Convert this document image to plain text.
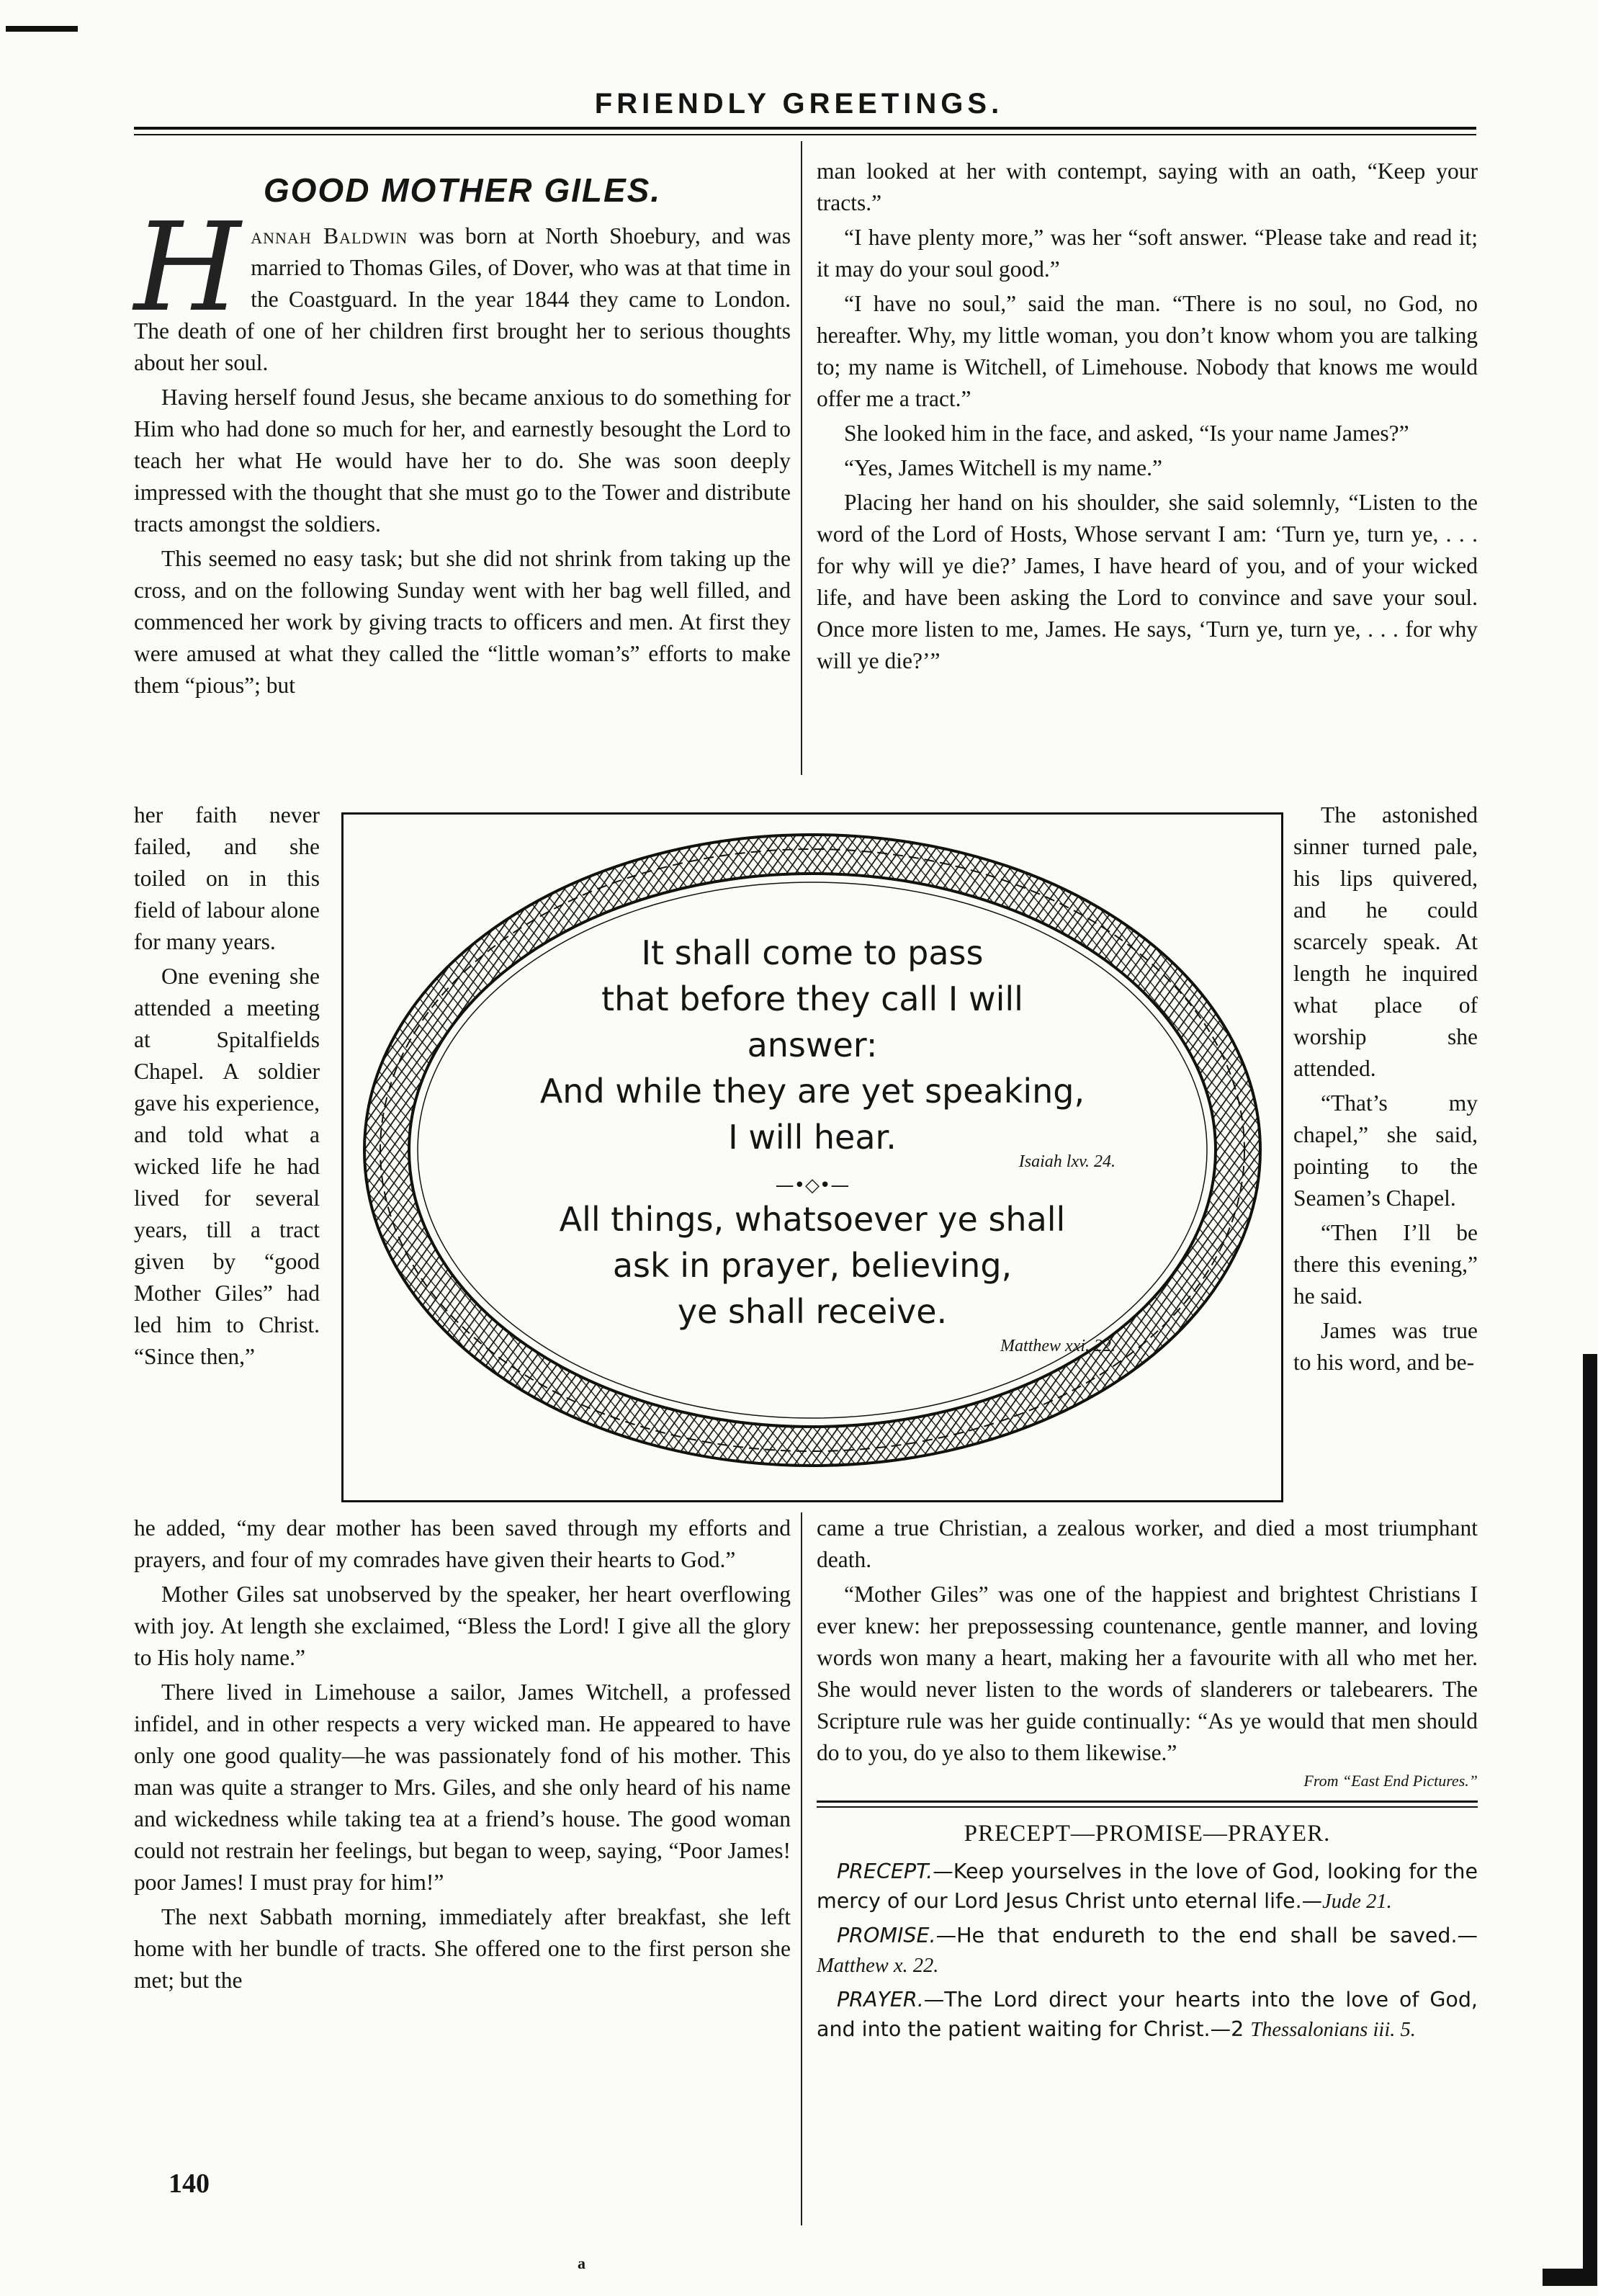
FRIENDLY GREETINGS.
GOOD MOTHER GILES.

Hannah Baldwin was born at North Shoebury, and was married to Thomas Giles, of Dover, who was at that time in the Coastguard. In the year 1844 they came to London. The death of one of her children first brought her to serious thoughts about her soul.

Having herself found Jesus, she became anxious to do something for Him who had done so much for her, and earnestly besought the Lord to teach her what He would have her to do. She was soon deeply impressed with the thought that she must go to the Tower and distribute tracts amongst the soldiers.

This seemed no easy task; but she did not shrink from taking up the cross, and on the following Sunday went with her bag well filled, and commenced her work by giving tracts to officers and men. At first they were amused at what they called the “little woman’s” efforts to make them “pious”; but

her faith never failed, and she toiled on in this field of labour alone for many years.

One evening she attended a meeting at Spitalfields Chapel. A soldier gave his experience, and told what a wicked life he had lived for several years, till a tract given by “good Mother Giles” had led him to Christ. “Since then,”

he added, “my dear mother has been saved through my efforts and prayers, and four of my comrades have given their hearts to God.”

Mother Giles sat unobserved by the speaker, her heart overflowing with joy. At length she exclaimed, “Bless the Lord! I give all the glory to His holy name.”

There lived in Limehouse a sailor, James Witchell, a professed infidel, and in other respects a very wicked man. He appeared to have only one good quality—he was passionately fond of his mother. This man was quite a stranger to Mrs. Giles, and she only heard of his name and wickedness while taking tea at a friend’s house. The good woman could not restrain her feelings, but began to weep, saying, “Poor James! poor James! I must pray for him!”

The next Sabbath morning, immediately after breakfast, she left home with her bundle of tracts. She offered one to the first person she met; but the

man looked at her with contempt, saying with an oath, “Keep your tracts.”

“I have plenty more,” was her “soft answer. “Please take and read it; it may do your soul good.”

“I have no soul,” said the man. “There is no soul, no God, no hereafter. Why, my little woman, you don’t know whom you are talking to; my name is Witchell, of Limehouse. Nobody that knows me would offer me a tract.”

She looked him in the face, and asked, “Is your name James?”

“Yes, James Witchell is my name.”

Placing her hand on his shoulder, she said solemnly, “Listen to the word of the Lord of Hosts, Whose servant I am: ‘Turn ye, turn ye, . . . for why will ye die?’ James, I have heard of you, and of your wicked life, and have been asking the Lord to convince and save your soul. Once more listen to me, James. He says, ‘Turn ye, turn ye, . . . for why will ye die?’”

The astonished sinner turned pale, his lips quivered, and he could scarcely speak. At length he inquired what place of worship she attended.

“That’s my chapel,” she said, pointing to the Seamen’s Chapel.

“Then I’ll be there this evening,” he said.

James was true to his word, and be-

came a true Christian, a zealous worker, and died a most triumphant death.

“Mother Giles” was one of the happiest and brightest Christians I ever knew: her prepossessing countenance, gentle manner, and loving words won many a heart, making her a favourite with all who met her. She would never listen to the words of slanderers or talebearers. The Scripture rule was her guide continually: “As ye would that men should do to you, do ye also to them likewise.”

From “East End Pictures.”
PRECEPT—PROMISE—PRAYER.

PRECEPT.—Keep yourselves in the love of God, looking for the mercy of our Lord Jesus Christ unto eternal life.—Jude 21.

PROMISE.—He that endureth to the end shall be saved.—Matthew x. 22.

PRAYER.—The Lord direct your hearts into the love of God, and into the patient waiting for Christ.—2 Thessalonians iii. 5.

It shall come to pass
that before they call I will
answer:
And while they are yet speaking,
I will hear.
Isaiah lxv. 24.
—•◇•—
All things, whatsoever ye shall
ask in prayer, believing,
ye shall receive.
Matthew xxi. 22.
140
a
